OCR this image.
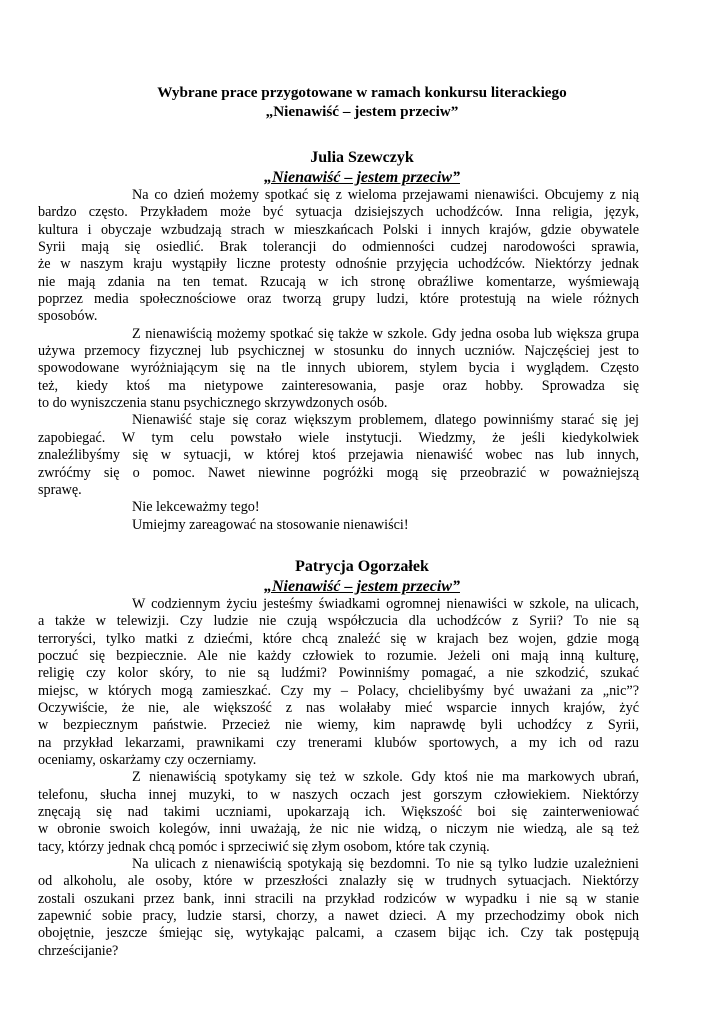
Wybrane prace przygotowane w ramach konkursu literackiego
„Nienawiść – jestem przeciw”
Julia Szewczyk
„Nienawiść – jestem przeciw”

Na co dzień możemy spotkać się z wieloma przejawami nienawiści. Obcujemy z nią
bardzo często. Przykładem może być sytuacja dzisiejszych uchodźców. Inna religia, język,
kultura i obyczaje wzbudzają strach w mieszkańcach Polski i innych krajów, gdzie obywatele
Syrii mają się osiedlić. Brak tolerancji do odmienności cudzej narodowości sprawia,
że w naszym kraju wystąpiły liczne protesty odnośnie przyjęcia uchodźców. Niektórzy jednak
nie mają zdania na ten temat. Rzucają w ich stronę obraźliwe komentarze, wyśmiewają
poprzez media społecznościowe oraz tworzą grupy ludzi, które protestują na wiele różnych
sposobów.

Z nienawiścią możemy spotkać się także w szkole. Gdy jedna osoba lub większa grupa
używa przemocy fizycznej lub psychicznej w stosunku do innych uczniów. Najczęściej jest to
spowodowane wyróżniającym się na tle innych ubiorem, stylem bycia i wyglądem. Często
też, kiedy ktoś ma nietypowe zainteresowania, pasje oraz hobby. Sprowadza się
to do wyniszczenia stanu psychicznego skrzywdzonych osób.

Nienawiść staje się coraz większym problemem, dlatego powinniśmy starać się jej
zapobiegać. W tym celu powstało wiele instytucji. Wiedzmy, że jeśli kiedykolwiek
znaleźlibyśmy się w sytuacji, w której ktoś przejawia nienawiść wobec nas lub innych,
zwróćmy się o pomoc. Nawet niewinne pogróżki mogą się przeobrazić w poważniejszą
sprawę.

Nie lekceważmy tego!

Umiejmy zareagować na stosowanie nienawiści!

Patrycja Ogorzałek
„Nienawiść – jestem przeciw”

W codziennym życiu jesteśmy świadkami ogromnej nienawiści w szkole, na ulicach,
a także w telewizji. Czy ludzie nie czują współczucia dla uchodźców z Syrii? To nie są
terroryści, tylko matki z dziećmi, które chcą znaleźć się w krajach bez wojen, gdzie mogą
poczuć się bezpiecznie. Ale nie każdy człowiek to rozumie. Jeżeli oni mają inną kulturę,
religię czy kolor skóry, to nie są ludźmi? Powinniśmy pomagać, a nie szkodzić, szukać
miejsc, w których mogą zamieszkać. Czy my – Polacy, chcielibyśmy być uważani za „nic”?
Oczywiście, że nie, ale większość z nas wolałaby mieć wsparcie innych krajów, żyć
w bezpiecznym państwie. Przecież nie wiemy, kim naprawdę byli uchodźcy z Syrii,
na przykład lekarzami, prawnikami czy trenerami klubów sportowych, a my ich od razu
oceniamy, oskarżamy czy oczerniamy.

Z nienawiścią spotykamy się też w szkole. Gdy ktoś nie ma markowych ubrań,
telefonu, słucha innej muzyki, to w naszych oczach jest gorszym człowiekiem. Niektórzy
znęcają się nad takimi uczniami, upokarzają ich. Większość boi się zainterweniować
w obronie swoich kolegów, inni uważają, że nic nie widzą, o niczym nie wiedzą, ale są też
tacy, którzy jednak chcą pomóc i sprzeciwić się złym osobom, które tak czynią.

Na ulicach z nienawiścią spotykają się bezdomni. To nie są tylko ludzie uzależnieni
od alkoholu, ale osoby, które w przeszłości znalazły się w trudnych sytuacjach. Niektórzy
zostali oszukani przez bank, inni stracili na przykład rodziców w wypadku i nie są w stanie
zapewnić sobie pracy, ludzie starsi, chorzy, a nawet dzieci. A my przechodzimy obok nich
obojętnie, jeszcze śmiejąc się, wytykając palcami, a czasem bijąc ich. Czy tak postępują
chrześcijanie?
